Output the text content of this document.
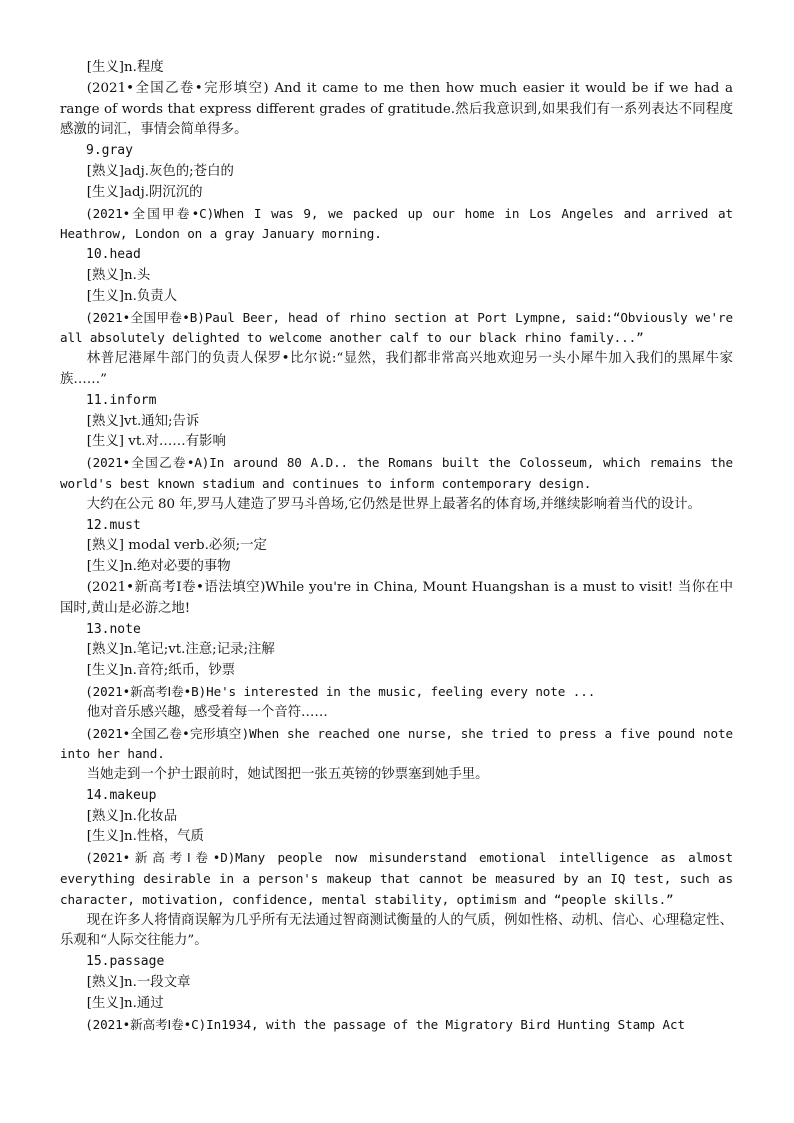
[生义]n.程度

(2021•全国乙卷•完形填空) And it came to me then how much easier it would be if we had a range of words that express different grades of gratitude.然后我意识到,如果我们有一系列表达不同程度感激的词汇，事情会简单得多。

9.gray

[熟义]adj.灰色的;苍白的

[生义]adj.阴沉沉的

(2021•全国甲卷•C)When I was 9, we packed up our home in Los Angeles and arrived at Heathrow, London on a gray January morning.

10.head

[熟义]n.头

[生义]n.负责人

(2021•全国甲卷•B)Paul Beer, head of rhino section at Port Lympne, said:“Obviously we're all absolutely delighted to welcome another calf to our black rhino family...”

林普尼港犀牛部门的负责人保罗•比尔说:“显然，我们都非常高兴地欢迎另一头小犀牛加入我们的黑犀牛家族……”

11.inform

[熟义]vt.通知;告诉

[生义] vt.对……有影响

(2021•全国乙卷•A)In around 80 A.D.. the Romans built the Colosseum, which remains the world's best known stadium and continues to inform contemporary design.

大约在公元 80 年,罗马人建造了罗马斗兽场,它仍然是世界上最著名的体育场,并继续影响着当代的设计。

12.must

[熟义] modal verb.必须;一定

[生义]n.绝对必要的事物

(2021•新高考Ⅰ卷•语法填空)While you're in China, Mount Huangshan is a must to visit! 当你在中国时,黄山是必游之地!

13.note

[熟义]n.笔记;vt.注意;记录;注解

[生义]n.音符;纸币，钞票

(2021•新高考Ⅰ卷•B)He's interested in the music, feeling every note ...

他对音乐感兴趣，感受着每一个音符……

(2021•全国乙卷•完形填空)When she reached one nurse, she tried to press a five pound note into her hand.

当她走到一个护士跟前时，她试图把一张五英镑的钞票塞到她手里。

14.makeup

[熟义]n.化妆品

[生义]n.性格，气质

(2021•新高考Ⅰ卷•D)Many people now misunderstand emotional intelligence as almost everything desirable in a person's makeup that cannot be measured by an IQ test, such as character, motivation, confidence, mental stability, optimism and “people skills.”

现在许多人将情商误解为几乎所有无法通过智商测试衡量的人的气质，例如性格、动机、信心、心理稳定性、乐观和“人际交往能力”。

15.passage

[熟义]n.一段文章

[生义]n.通过

(2021•新高考Ⅰ卷•C)In1934, with the passage of the Migratory Bird Hunting Stamp Act
